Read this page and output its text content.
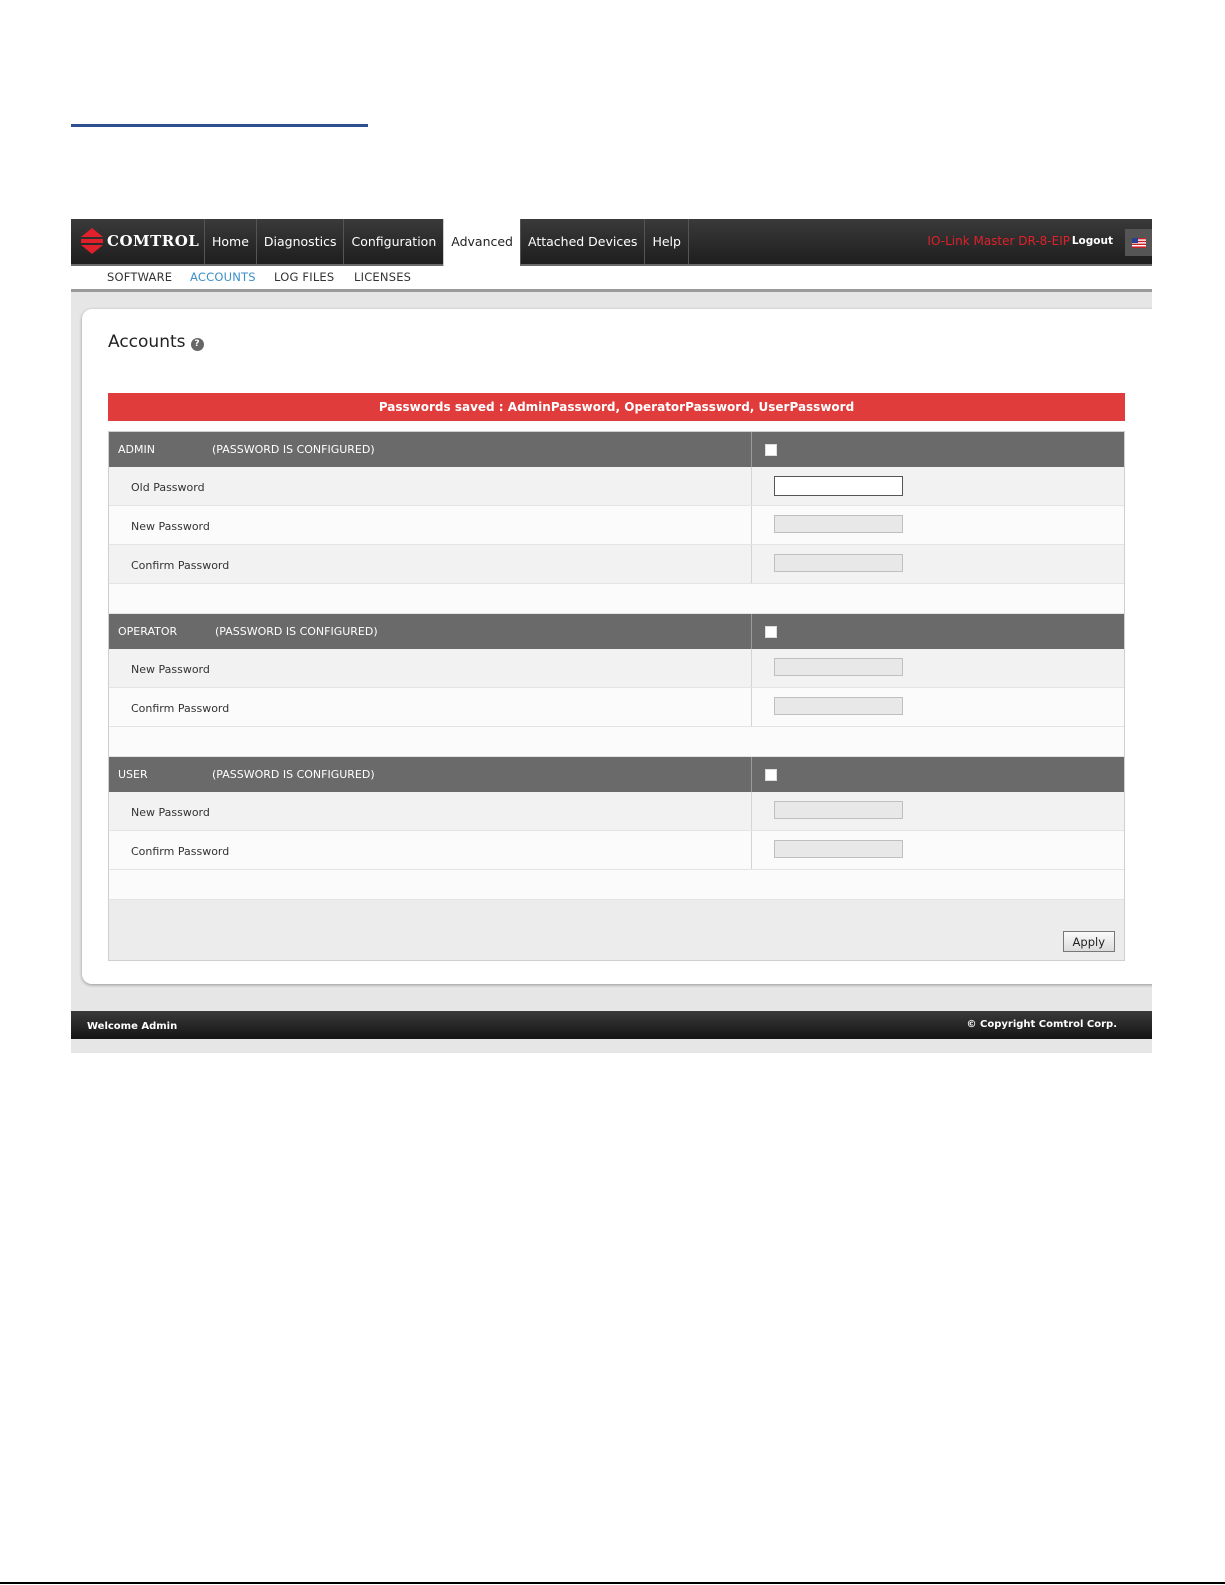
COMTROL	Home	Diagnostics	Configuration	Advanced	Attached Devices	Help	IO-Link Master DR-8-EIP Logout
SOFTWARE ACCOUNTS LOG FILES LICENSES
Accounts ?
Passwords saved : AdminPassword, OperatorPassword, UserPassword
ADMIN	(PASSWORD IS CONFIGURED)
Old Password
New Password
Confirm Password
OPERATOR	(PASSWORD IS CONFIGURED)
New Password
Confirm Password
USER	(PASSWORD IS CONFIGURED)
New Password
Confirm Password
Apply
Welcome Admin	© Copyright Comtrol Corp.
